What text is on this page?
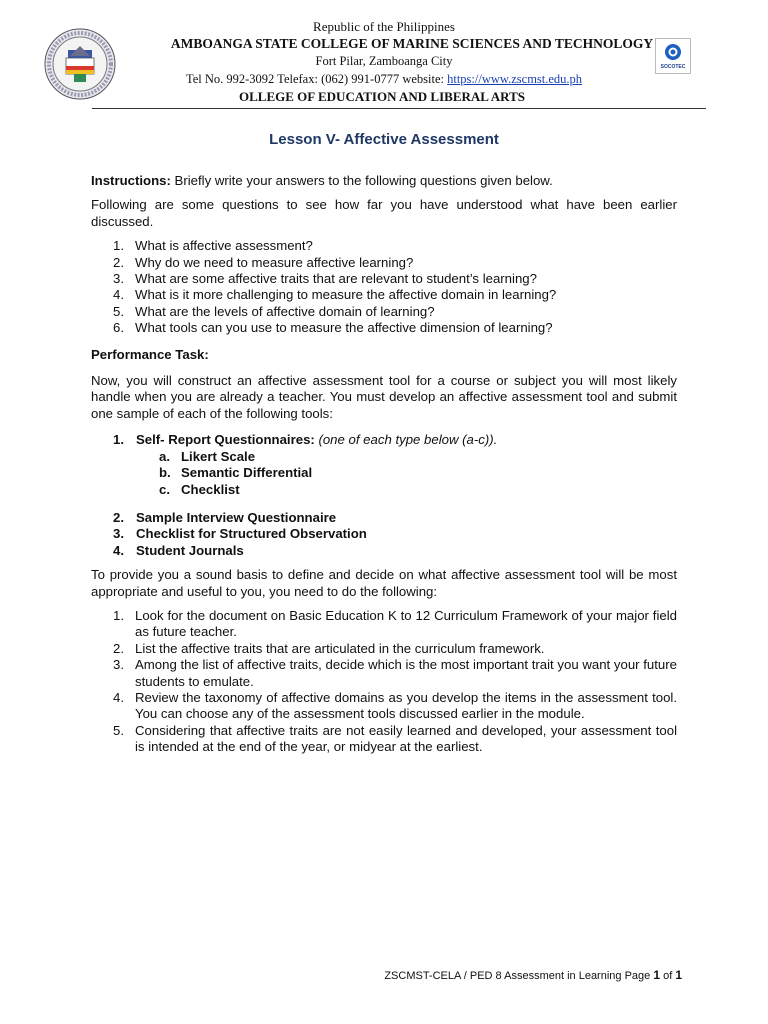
SOCOTEC
Republic of the Philippines
AMBOANGA STATE COLLEGE OF MARINE SCIENCES AND TECHNOLOGY
Fort Pilar, Zamboanga City
Tel No. 992-3092 Telefax: (062) 991-0777 website: https://www.zscmst.edu.ph
OLLEGE OF EDUCATION AND LIBERAL ARTS
Lesson V- Affective Assessment

Instructions: Briefly write your answers to the following questions given below.

Following are some questions to see how far you have understood what have been earlier discussed.

1. What is affective assessment?
2. Why do we need to measure affective learning?
3. What are some affective traits that are relevant to student’s learning?
4. What is it more challenging to measure the affective domain in learning?
5. What are the levels of affective domain of learning?
6. What tools can you use to measure the affective dimension of learning?

Performance Task:

Now, you will construct an affective assessment tool for a course or subject you will most likely handle when you are already a teacher. You must develop an affective assessment tool and submit one sample of each of the following tools:

1. Self- Report Questionnaires: (one of each type below (a-c)).
a. Likert Scale
b. Semantic Differential
c. Checklist
2. Sample Interview Questionnaire
3. Checklist for Structured Observation
4. Student Journals

To provide you a sound basis to define and decide on what affective assessment tool will be most appropriate and useful to you, you need to do the following:

1. Look for the document on Basic Education K to 12 Curriculum Framework of your major field as future teacher.
2. List the affective traits that are articulated in the curriculum framework.
3. Among the list of affective traits, decide which is the most important trait you want your future students to emulate.
4. Review the taxonomy of affective domains as you develop the items in the assessment tool. You can choose any of the assessment tools discussed earlier in the module.
5. Considering that affective traits are not easily learned and developed, your assessment tool is intended at the end of the year, or midyear at the earliest.
ZSCMST-CELA / PED 8 Assessment in Learning Page 1 of 1
